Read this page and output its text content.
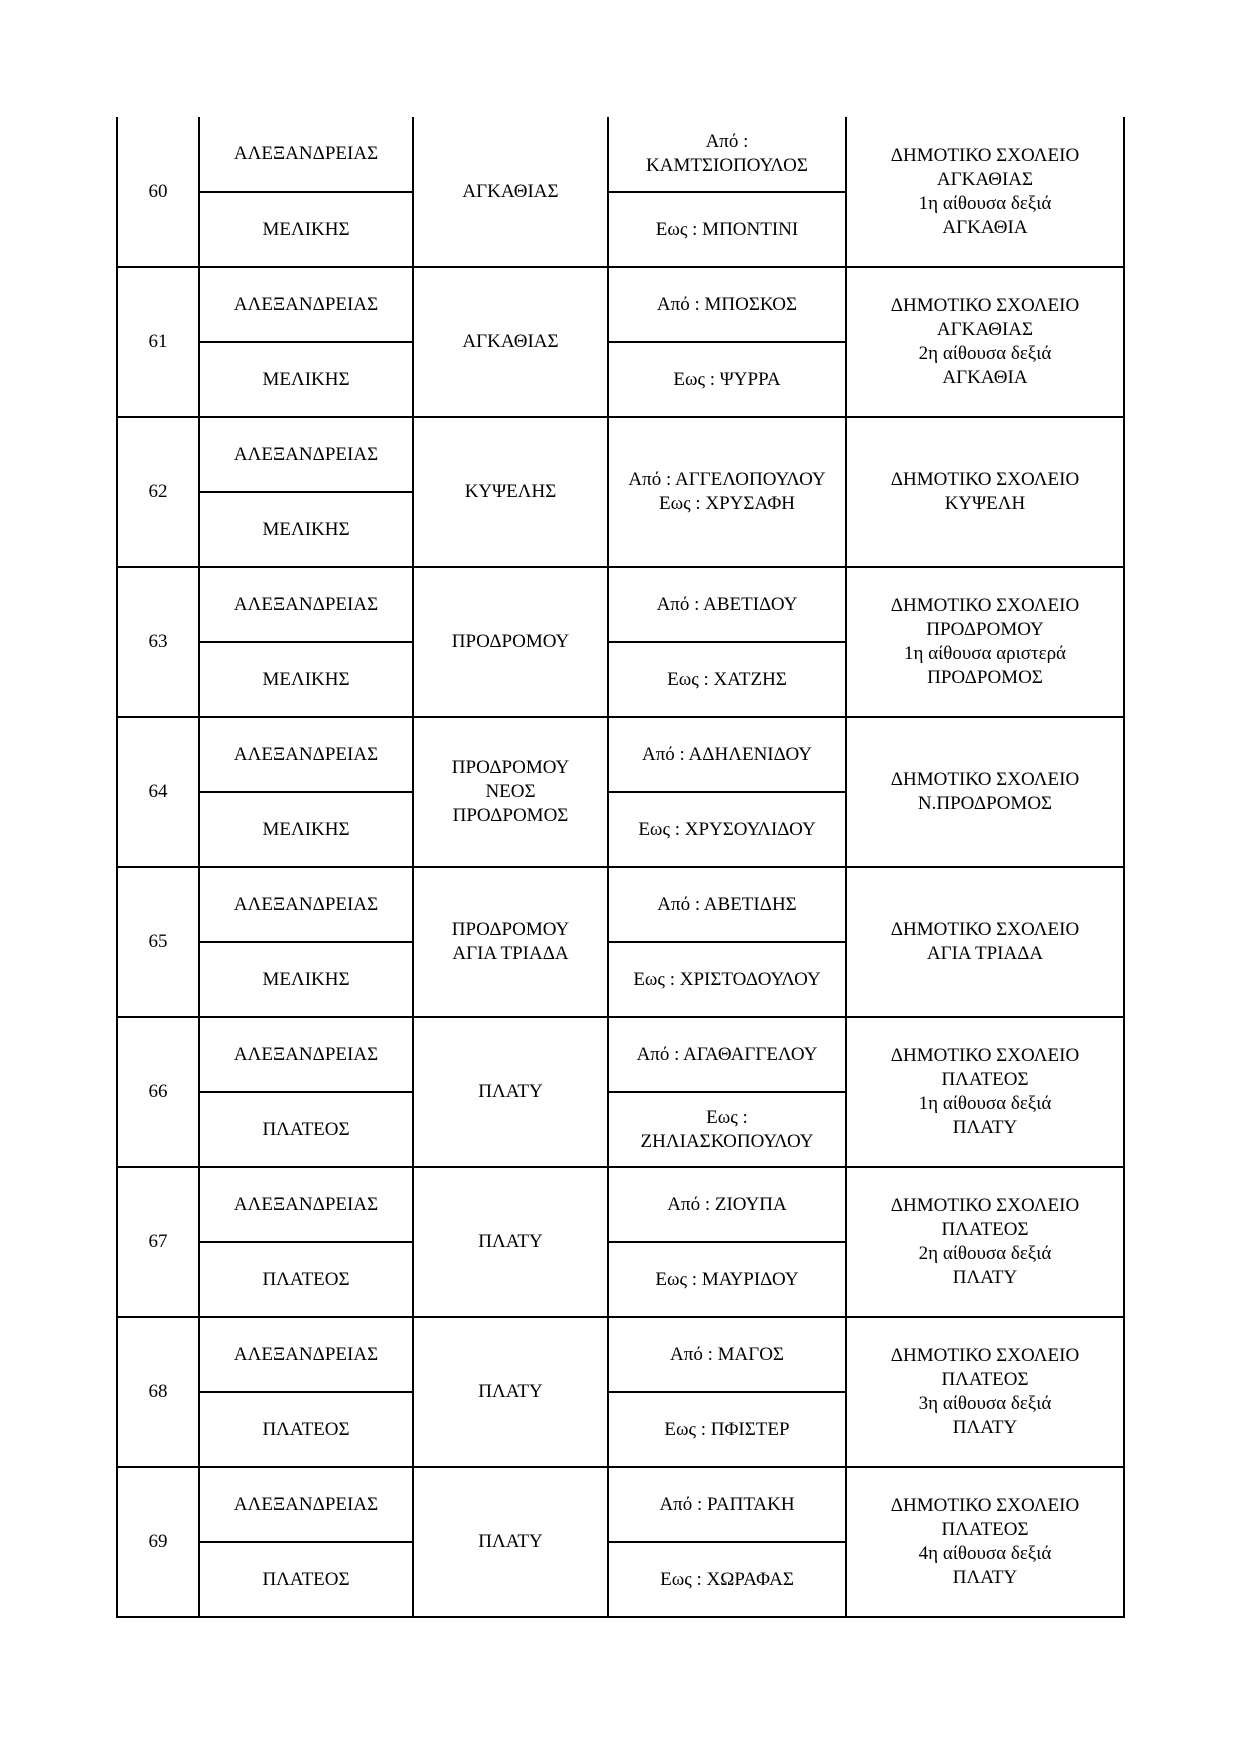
60	ΑΛΕΞΑΝΔΡΕΙΑΣ	ΑΓΚΑΘΙΑΣ	Από :
ΚΑΜΤΣΙΟΠΟΥΛΟΣ	ΔΗΜΟΤΙΚΟ ΣΧΟΛΕΙΟ
ΑΓΚΑΘΙΑΣ
1η αίθουσα δεξιά
ΑΓΚΑΘΙΑ
	ΜΕΛΙΚΗΣ		Εως : ΜΠΟΝΤΙΝΙ	
61	ΑΛΕΞΑΝΔΡΕΙΑΣ	ΑΓΚΑΘΙΑΣ	Από : ΜΠΟΣΚΟΣ	ΔΗΜΟΤΙΚΟ ΣΧΟΛΕΙΟ
ΑΓΚΑΘΙΑΣ
2η αίθουσα δεξιά
ΑΓΚΑΘΙΑ
	ΜΕΛΙΚΗΣ		Εως : ΨΥΡΡΑ	
62	ΑΛΕΞΑΝΔΡΕΙΑΣ	ΚΥΨΕΛΗΣ	Από : ΑΓΓΕΛΟΠΟΥΛΟΥ
Εως : ΧΡΥΣΑΦΗ	ΔΗΜΟΤΙΚΟ ΣΧΟΛΕΙΟ
ΚΥΨΕΛΗ
	ΜΕΛΙΚΗΣ			
63	ΑΛΕΞΑΝΔΡΕΙΑΣ	ΠΡΟΔΡΟΜΟΥ	Από : ΑΒΕΤΙΔΟΥ	ΔΗΜΟΤΙΚΟ ΣΧΟΛΕΙΟ
ΠΡΟΔΡΟΜΟΥ
1η αίθουσα αριστερά
ΠΡΟΔΡΟΜΟΣ
	ΜΕΛΙΚΗΣ		Εως : ΧΑΤΖΗΣ	
64	ΑΛΕΞΑΝΔΡΕΙΑΣ	ΠΡΟΔΡΟΜΟΥ
ΝΕΟΣ
ΠΡΟΔΡΟΜΟΣ	Από : ΑΔΗΛΕΝΙΔΟΥ	ΔΗΜΟΤΙΚΟ ΣΧΟΛΕΙΟ
Ν.ΠΡΟΔΡΟΜΟΣ
	ΜΕΛΙΚΗΣ		Εως : ΧΡΥΣΟΥΛΙΔΟΥ	
65	ΑΛΕΞΑΝΔΡΕΙΑΣ	ΠΡΟΔΡΟΜΟΥ
ΑΓΙΑ ΤΡΙΑΔΑ	Από : ΑΒΕΤΙΔΗΣ	ΔΗΜΟΤΙΚΟ ΣΧΟΛΕΙΟ
ΑΓΙΑ ΤΡΙΑΔΑ
	ΜΕΛΙΚΗΣ		Εως : ΧΡΙΣΤΟΔΟΥΛΟΥ	
66	ΑΛΕΞΑΝΔΡΕΙΑΣ	ΠΛΑΤΥ	Από : ΑΓΑΘΑΓΓΕΛΟΥ	ΔΗΜΟΤΙΚΟ ΣΧΟΛΕΙΟ
ΠΛΑΤΕΟΣ
1η αίθουσα δεξιά
ΠΛΑΤΥ
	ΠΛΑΤΕΟΣ		Εως :
ΖΗΛΙΑΣΚΟΠΟΥΛΟΥ	
67	ΑΛΕΞΑΝΔΡΕΙΑΣ	ΠΛΑΤΥ	Από : ΖΙΟΥΠΑ	ΔΗΜΟΤΙΚΟ ΣΧΟΛΕΙΟ
ΠΛΑΤΕΟΣ
2η αίθουσα δεξιά
ΠΛΑΤΥ
	ΠΛΑΤΕΟΣ		Εως : ΜΑΥΡΙΔΟΥ	
68	ΑΛΕΞΑΝΔΡΕΙΑΣ	ΠΛΑΤΥ	Από : ΜΑΓΟΣ	ΔΗΜΟΤΙΚΟ ΣΧΟΛΕΙΟ
ΠΛΑΤΕΟΣ
3η αίθουσα δεξιά
ΠΛΑΤΥ
	ΠΛΑΤΕΟΣ		Εως : ΠΦΙΣΤΕΡ	
69	ΑΛΕΞΑΝΔΡΕΙΑΣ	ΠΛΑΤΥ	Από : ΡΑΠΤΑΚΗ	ΔΗΜΟΤΙΚΟ ΣΧΟΛΕΙΟ
ΠΛΑΤΕΟΣ
4η αίθουσα δεξιά
ΠΛΑΤΥ
	ΠΛΑΤΕΟΣ		Εως : ΧΩΡΑΦΑΣ	
